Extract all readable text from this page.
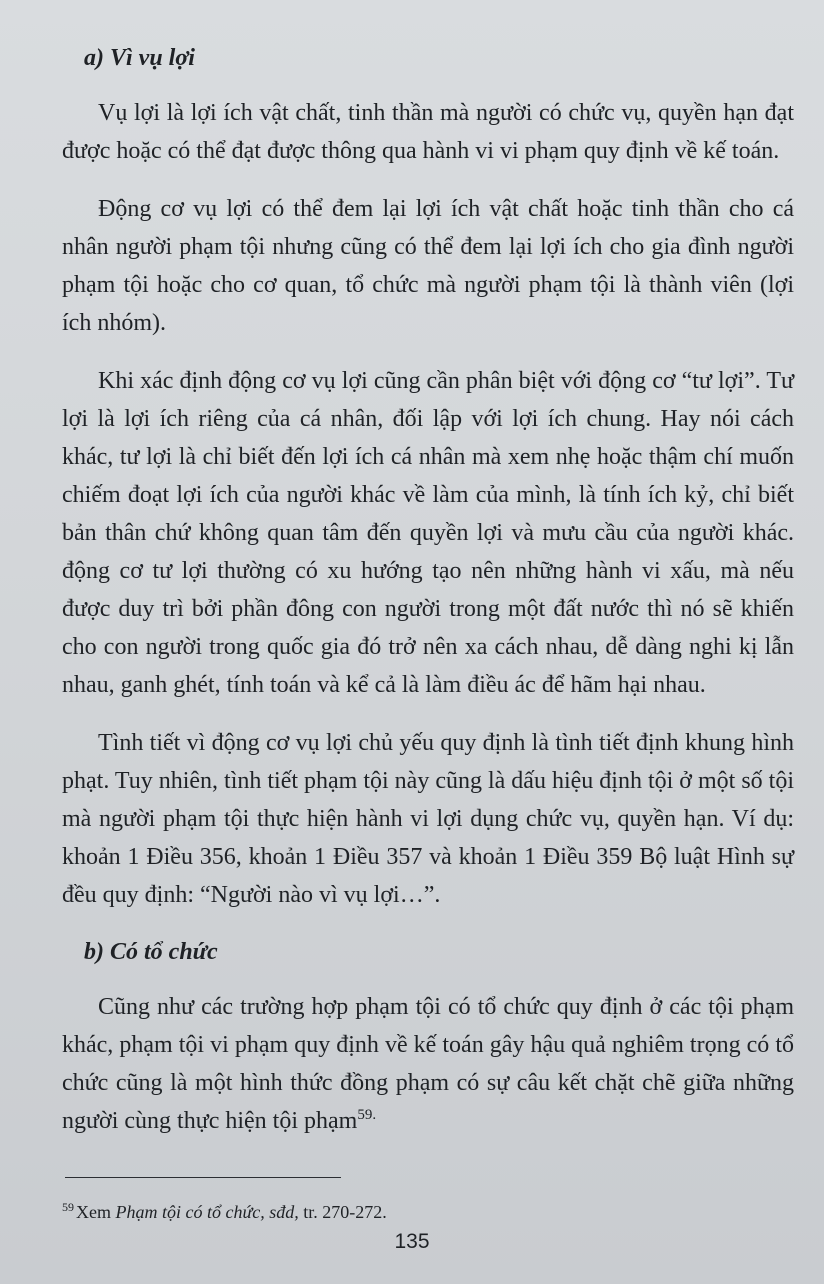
a) Vì vụ lợi

Vụ lợi là lợi ích vật chất, tinh thần mà người có chức vụ, quyền hạn đạt được hoặc có thể đạt được thông qua hành vi vi phạm quy định về kế toán.

Động cơ vụ lợi có thể đem lại lợi ích vật chất hoặc tinh thần cho cá nhân người phạm tội nhưng cũng có thể đem lại lợi ích cho gia đình người phạm tội hoặc cho cơ quan, tổ chức mà người phạm tội là thành viên (lợi ích nhóm).

Khi xác định động cơ vụ lợi cũng cần phân biệt với động cơ “tư lợi”. Tư lợi là lợi ích riêng của cá nhân, đối lập với lợi ích chung. Hay nói cách khác, tư lợi là chỉ biết đến lợi ích cá nhân mà xem nhẹ hoặc thậm chí muốn chiếm đoạt lợi ích của người khác về làm của mình, là tính ích kỷ, chỉ biết bản thân chứ không quan tâm đến quyền lợi và mưu cầu của người khác. động cơ tư lợi thường có xu hướng tạo nên những hành vi xấu, mà nếu được duy trì bởi phần đông con người trong một đất nước thì nó sẽ khiến cho con người trong quốc gia đó trở nên xa cách nhau, dễ dàng nghi kị lẫn nhau, ganh ghét, tính toán và kể cả là làm điều ác để hãm hại nhau.

Tình tiết vì động cơ vụ lợi chủ yếu quy định là tình tiết định khung hình phạt. Tuy nhiên, tình tiết phạm tội này cũng là dấu hiệu định tội ở một số tội mà người phạm tội thực hiện hành vi lợi dụng chức vụ, quyền hạn. Ví dụ: khoản 1 Điều 356, khoản 1 Điều 357 và khoản 1 Điều 359 Bộ luật Hình sự đều quy định: “Người nào vì vụ lợi…”.

b) Có tổ chức

Cũng như các trường hợp phạm tội có tổ chức quy định ở các tội phạm khác, phạm tội vi phạm quy định về kế toán gây hậu quả nghiêm trọng có tổ chức cũng là một hình thức đồng phạm có sự câu kết chặt chẽ giữa những người cùng thực hiện tội phạm$^{59.}$

$^{59}$ Xem Phạm tội có tổ chức, sđd, tr. 270-272.
135
